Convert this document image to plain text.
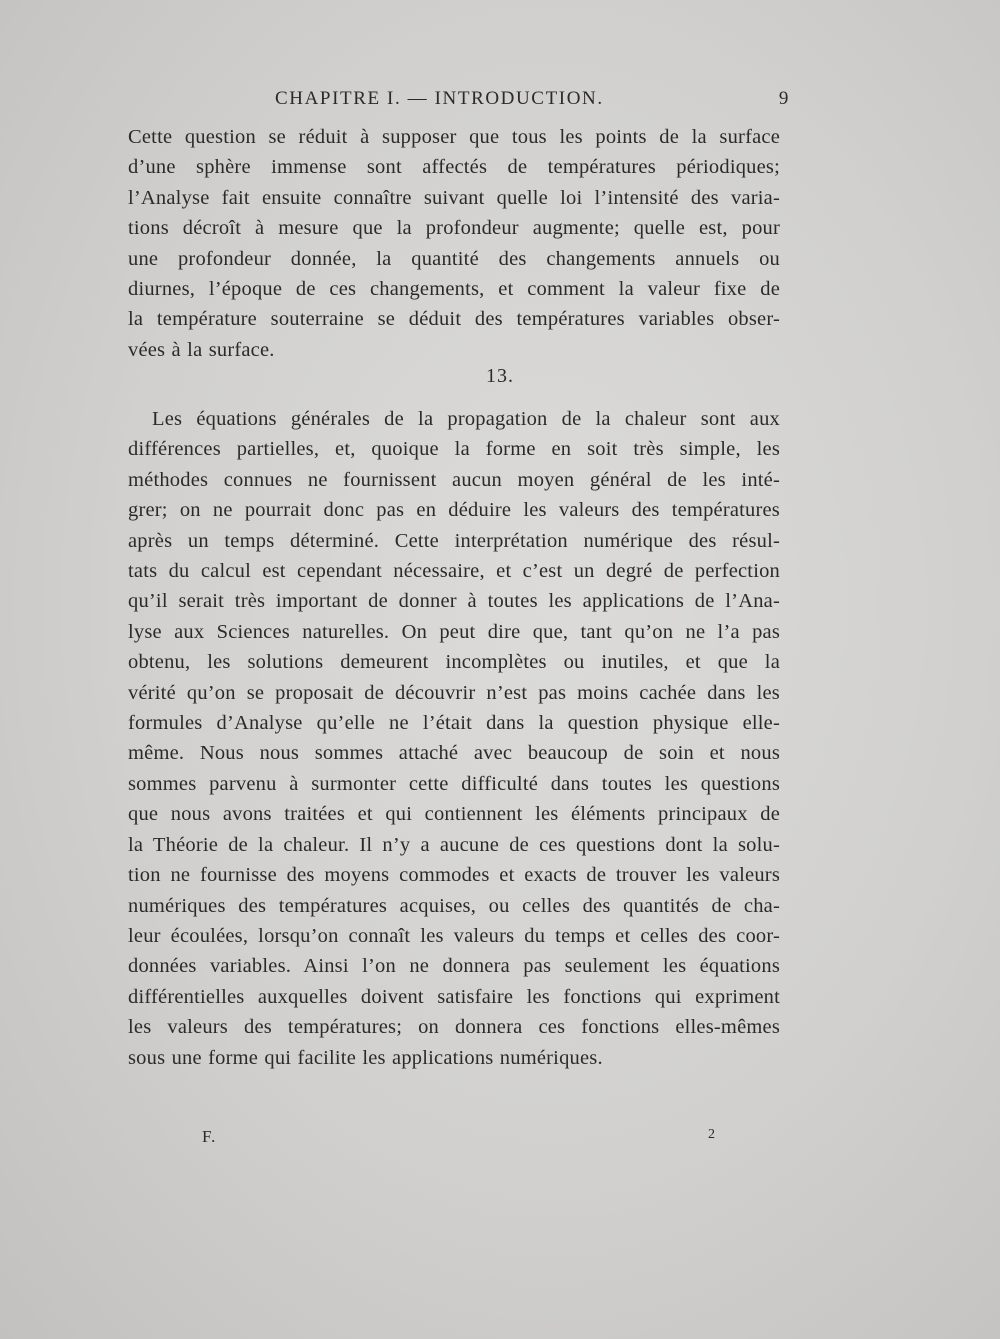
CHAPITRE I. — INTRODUCTION.	9
Cette question se réduit à supposer que tous les points de la surface
d’une sphère immense sont affectés de températures périodiques;
l’Analyse fait ensuite connaître suivant quelle loi l’intensité des varia-
tions décroît à mesure que la profondeur augmente; quelle est, pour
une profondeur donnée, la quantité des changements annuels ou
diurnes, l’époque de ces changements, et comment la valeur fixe de
la température souterraine se déduit des températures variables obser-
vées à la surface.
13.
Les équations générales de la propagation de la chaleur sont aux
différences partielles, et, quoique la forme en soit très simple, les
méthodes connues ne fournissent aucun moyen général de les inté-
grer; on ne pourrait donc pas en déduire les valeurs des températures
après un temps déterminé. Cette interprétation numérique des résul-
tats du calcul est cependant nécessaire, et c’est un degré de perfection
qu’il serait très important de donner à toutes les applications de l’Ana-
lyse aux Sciences naturelles. On peut dire que, tant qu’on ne l’a pas
obtenu, les solutions demeurent incomplètes ou inutiles, et que la
vérité qu’on se proposait de découvrir n’est pas moins cachée dans les
formules d’Analyse qu’elle ne l’était dans la question physique elle-
même. Nous nous sommes attaché avec beaucoup de soin et nous
sommes parvenu à surmonter cette difficulté dans toutes les questions
que nous avons traitées et qui contiennent les éléments principaux de
la Théorie de la chaleur. Il n’y a aucune de ces questions dont la solu-
tion ne fournisse des moyens commodes et exacts de trouver les valeurs
numériques des températures acquises, ou celles des quantités de cha-
leur écoulées, lorsqu’on connaît les valeurs du temps et celles des coor-
données variables. Ainsi l’on ne donnera pas seulement les équations
différentielles auxquelles doivent satisfaire les fonctions qui expriment
les valeurs des températures; on donnera ces fonctions elles-mêmes
sous une forme qui facilite les applications numériques.
F.	2
